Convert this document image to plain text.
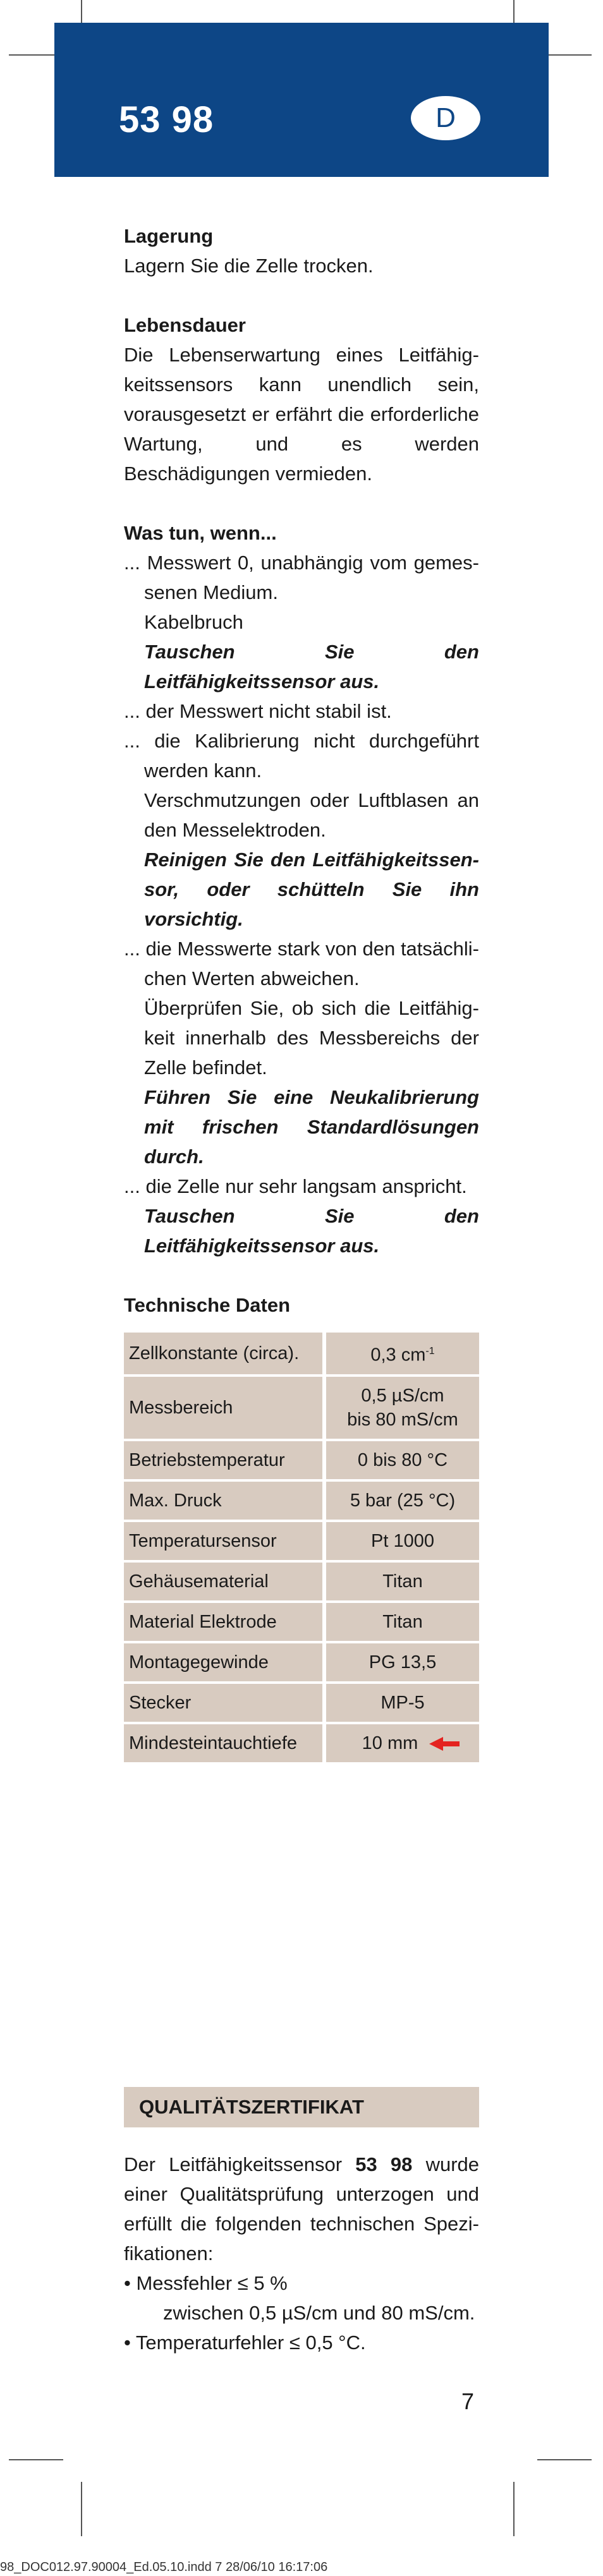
53 98	D
Lagerung
Lagern Sie die Zelle trocken.
Lebensdauer
Die Lebenserwartung eines Leitfähigkeitssensors kann unendlich sein, vorausgesetzt er erfährt die erforderliche Wartung, und es werden Beschädigungen vermieden.
Was tun, wenn...
... Messwert 0, unabhängig vom gemessenen Medium.
Kabelbruch
Tauschen Sie den Leitfähigkeitssensor aus.
... der Messwert nicht stabil ist.
... die Kalibrierung nicht durchgeführt werden kann.
Verschmutzungen oder Luftblasen an den Messelektroden.
Reinigen Sie den Leitfähigkeitssensor, oder schütteln Sie ihn vorsichtig.
... die Messwerte stark von den tatsächlichen Werten abweichen.
Überprüfen Sie, ob sich die Leitfähigkeit innerhalb des Messbereichs der Zelle befindet.
Führen Sie eine Neukalibrierung mit frischen Standardlösungen durch.
... die Zelle nur sehr langsam anspricht.
Tauschen Sie den Leitfähigkeitssensor aus.
Technische Daten
Zellkonstante (circa).	0,3 $cm^{-1}$
Messbereich	0,5 µS/cm
bis 80 mS/cm
Betriebstemperatur	0 bis 80 °C
Max. Druck	5 bar (25 °C)
Temperatursensor	Pt 1000
Gehäusematerial	Titan
Material Elektrode	Titan
Montagegewinde	PG 13,5
Stecker	MP-5
Mindesteintauchtiefe	10 mm
QUALITÄTSZERTIFIKAT
Der Leitfähigkeitssensor 53 98 wurde einer Qualitätsprüfung unterzogen und erfüllt die folgenden technischen Spezifikationen:
• Messfehler ≤ 5 %
zwischen 0,5 µS/cm und 80 mS/cm.
• Temperaturfehler ≤ 0,5 °C.
7
98_DOC012.97.90004_Ed.05.10.indd 7 28/06/10 16:17:06
